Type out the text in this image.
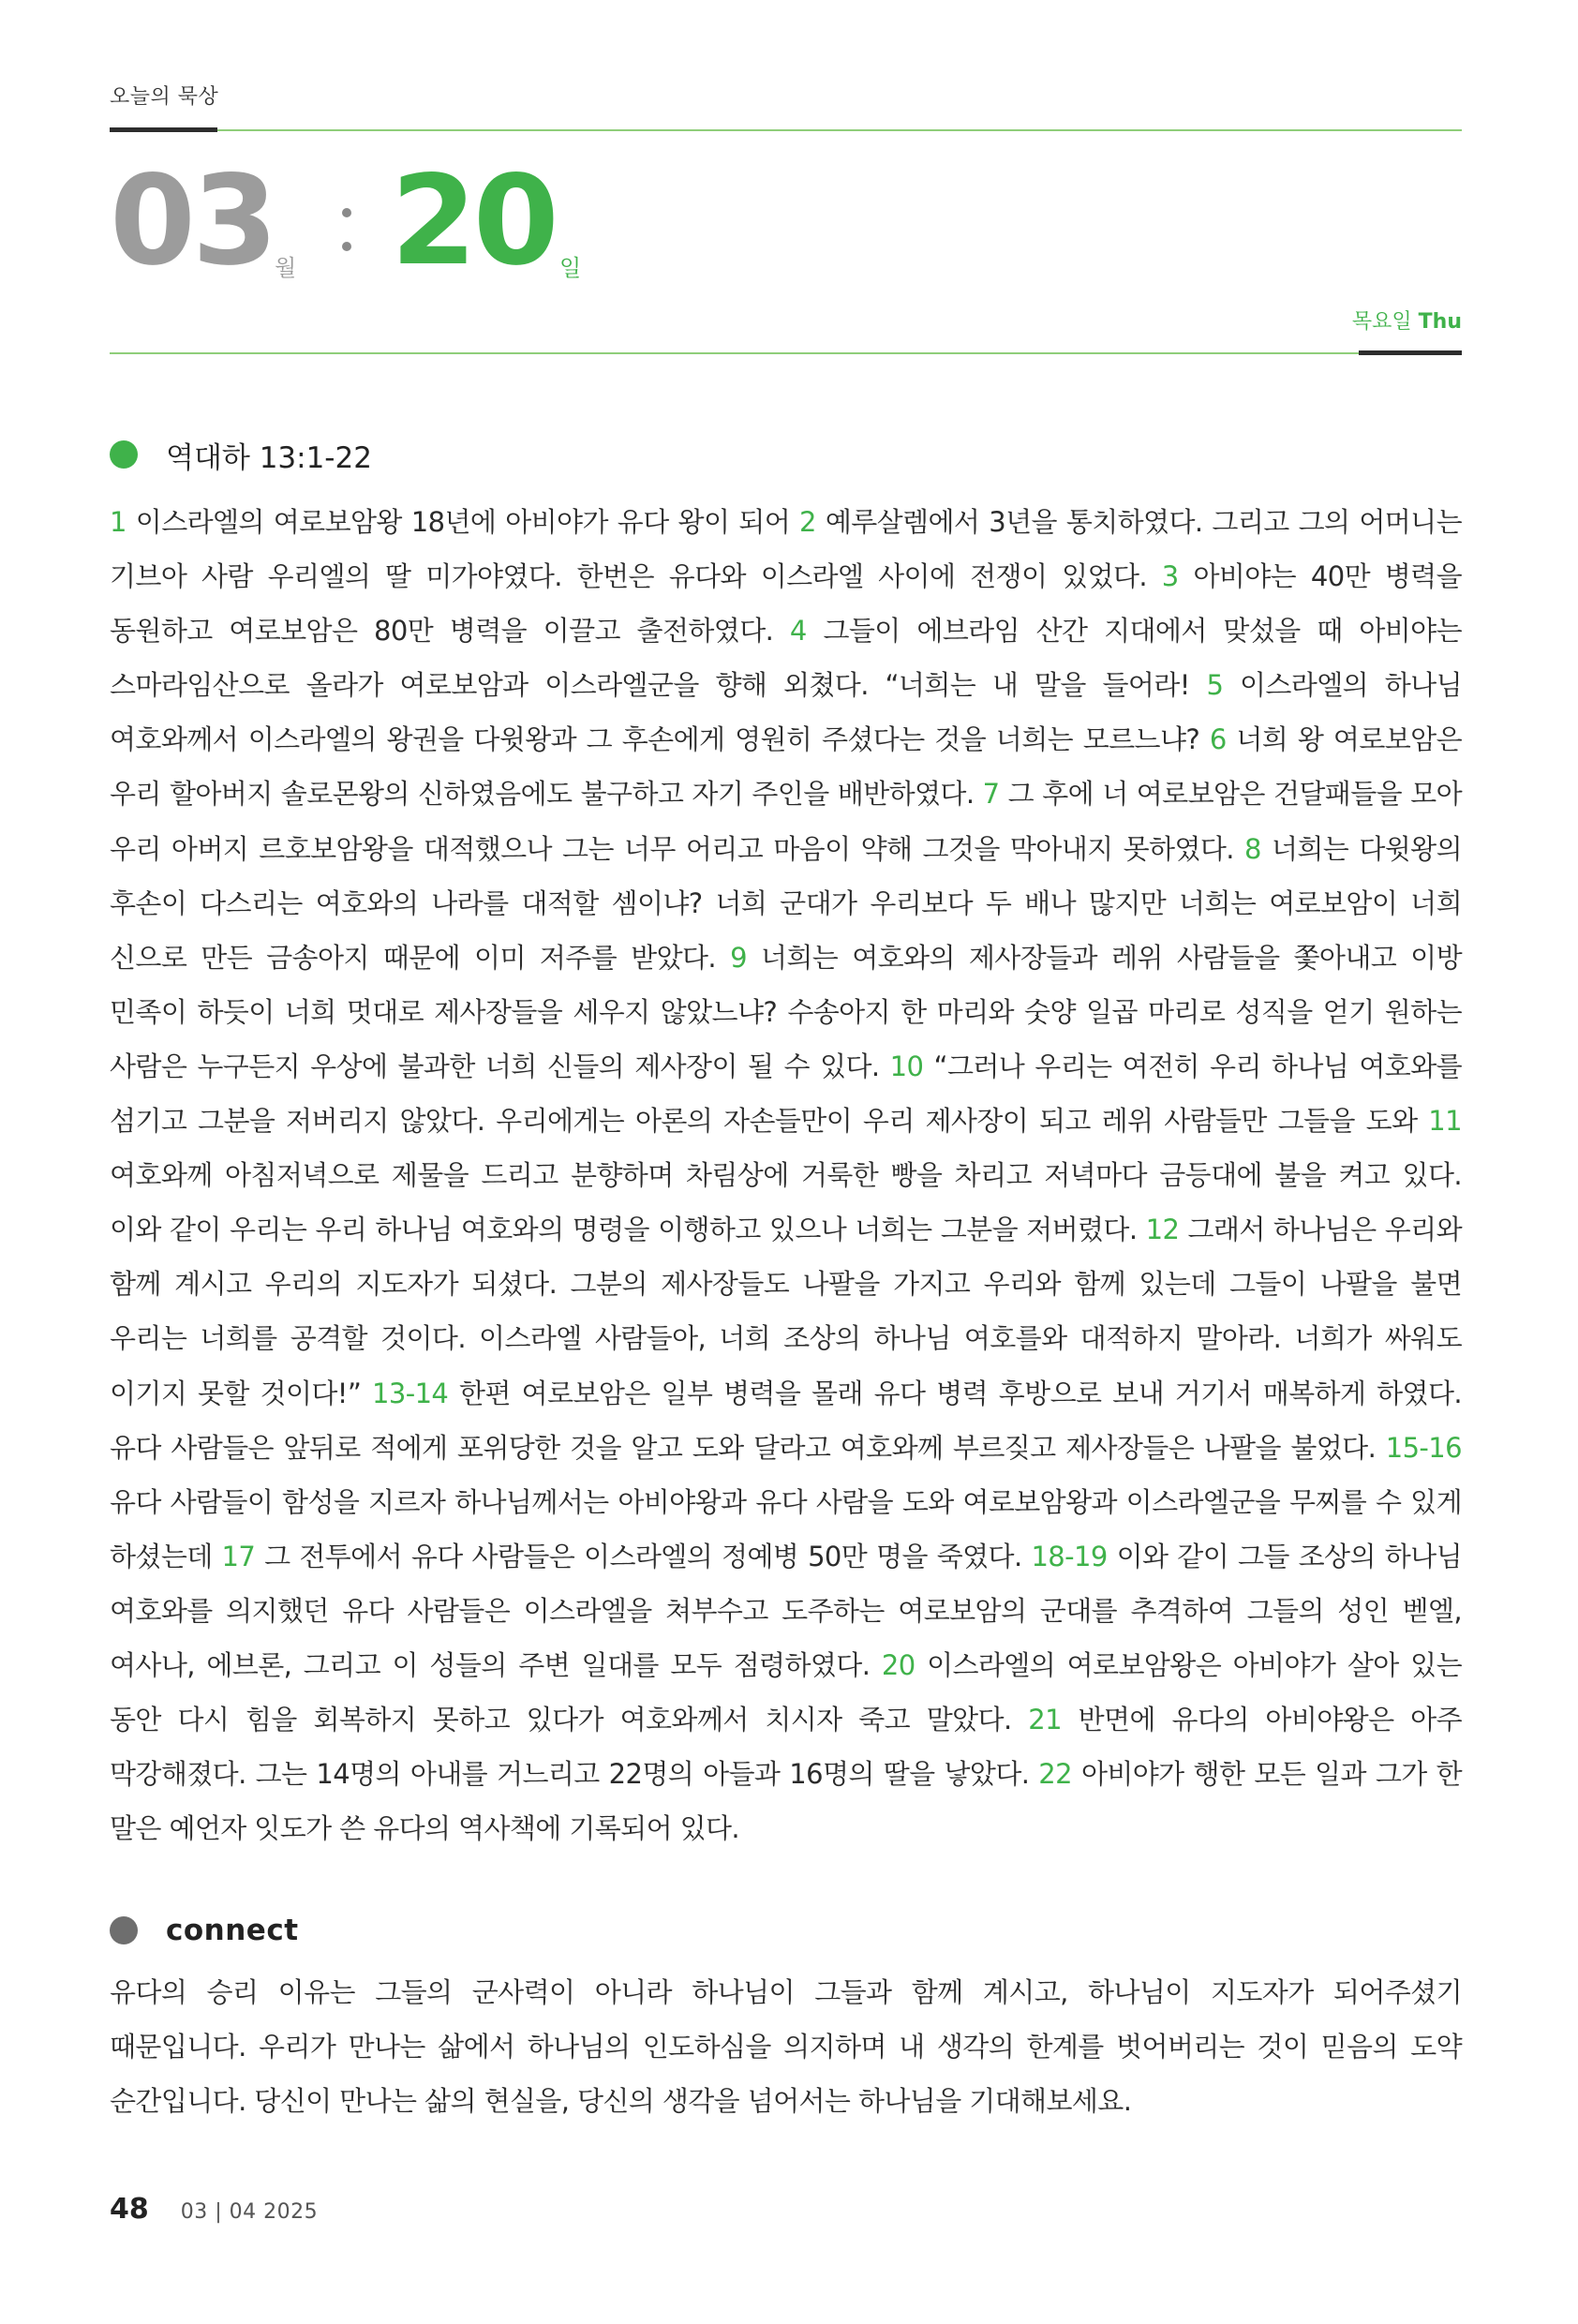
오늘의 묵상
03 월 20 일
목요일 Thu
역대하 13:1-22
1 이스라엘의 여로보암왕 18년에 아비야가 유다 왕이 되어 2 예루살렘에서 3년을 통치하였다. 그리고 그의 어머니는 기브아 사람 우리엘의 딸 미가야였다. 한번은 유다와 이스라엘 사이에 전쟁이 있었다. 3 아비야는 40만 병력을 동원하고 여로보암은 80만 병력을 이끌고 출전하였다. 4 그들이 에브라임 산간 지대에서 맞섰을 때 아비야는 스마라임산으로 올라가 여로보암과 이스라엘군을 향해 외쳤다. “너희는 내 말을 들어라! 5 이스라엘의 하나님 여호와께서 이스라엘의 왕권을 다윗왕과 그 후손에게 영원히 주셨다는 것을 너희는 모르느냐? 6 너희 왕 여로보암은 우리 할아버지 솔로몬왕의 신하였음에도 불구하고 자기 주인을 배반하였다. 7 그 후에 너 여로보암은 건달패들을 모아 우리 아버지 르호보암왕을 대적했으나 그는 너무 어리고 마음이 약해 그것을 막아내지 못하였다. 8 너희는 다윗왕의 후손이 다스리는 여호와의 나라를 대적할 셈이냐? 너희 군대가 우리보다 두 배나 많지만 너희는 여로보암이 너희 신으로 만든 금송아지 때문에 이미 저주를 받았다. 9 너희는 여호와의 제사장들과 레위 사람들을 쫓아내고 이방 민족이 하듯이 너희 멋대로 제사장들을 세우지 않았느냐? 수송아지 한 마리와 숫양 일곱 마리로 성직을 얻기 원하는 사람은 누구든지 우상에 불과한 너희 신들의 제사장이 될 수 있다. 10 “그러나 우리는 여전히 우리 하나님 여호와를 섬기고 그분을 저버리지 않았다. 우리에게는 아론의 자손들만이 우리 제사장이 되고 레위 사람들만 그들을 도와 11 여호와께 아침저녁으로 제물을 드리고 분향하며 차림상에 거룩한 빵을 차리고 저녁마다 금등대에 불을 켜고 있다. 이와 같이 우리는 우리 하나님 여호와의 명령을 이행하고 있으나 너희는 그분을 저버렸다. 12 그래서 하나님은 우리와 함께 계시고 우리의 지도자가 되셨다. 그분의 제사장들도 나팔을 가지고 우리와 함께 있는데 그들이 나팔을 불면 우리는 너희를 공격할 것이다. 이스라엘 사람들아, 너희 조상의 하나님 여호를와 대적하지 말아라. 너희가 싸워도 이기지 못할 것이다!” 13-14 한편 여로보암은 일부 병력을 몰래 유다 병력 후방으로 보내 거기서 매복하게 하였다. 유다 사람들은 앞뒤로 적에게 포위당한 것을 알고 도와 달라고 여호와께 부르짖고 제사장들은 나팔을 불었다. 15-16 유다 사람들이 함성을 지르자 하나님께서는 아비야왕과 유다 사람을 도와 여로보암왕과 이스라엘군을 무찌를 수 있게 하셨는데 17 그 전투에서 유다 사람들은 이스라엘의 정예병 50만 명을 죽였다. 18-19 이와 같이 그들 조상의 하나님 여호와를 의지했던 유다 사람들은 이스라엘을 쳐부수고 도주하는 여로보암의 군대를 추격하여 그들의 성인 벧엘, 여사나, 에브론, 그리고 이 성들의 주변 일대를 모두 점령하였다. 20 이스라엘의 여로보암왕은 아비야가 살아 있는 동안 다시 힘을 회복하지 못하고 있다가 여호와께서 치시자 죽고 말았다. 21 반면에 유다의 아비야왕은 아주 막강해졌다. 그는 14명의 아내를 거느리고 22명의 아들과 16명의 딸을 낳았다. 22 아비야가 행한 모든 일과 그가 한 말은 예언자 잇도가 쓴 유다의 역사책에 기록되어 있다.
connect
유다의 승리 이유는 그들의 군사력이 아니라 하나님이 그들과 함께 계시고, 하나님이 지도자가 되어주셨기 때문입니다. 우리가 만나는 삶에서 하나님의 인도하심을 의지하며 내 생각의 한계를 벗어버리는 것이 믿음의 도약 순간입니다. 당신이 만나는 삶의 현실을, 당신의 생각을 넘어서는 하나님을 기대해보세요.
48 03 | 04 2025
